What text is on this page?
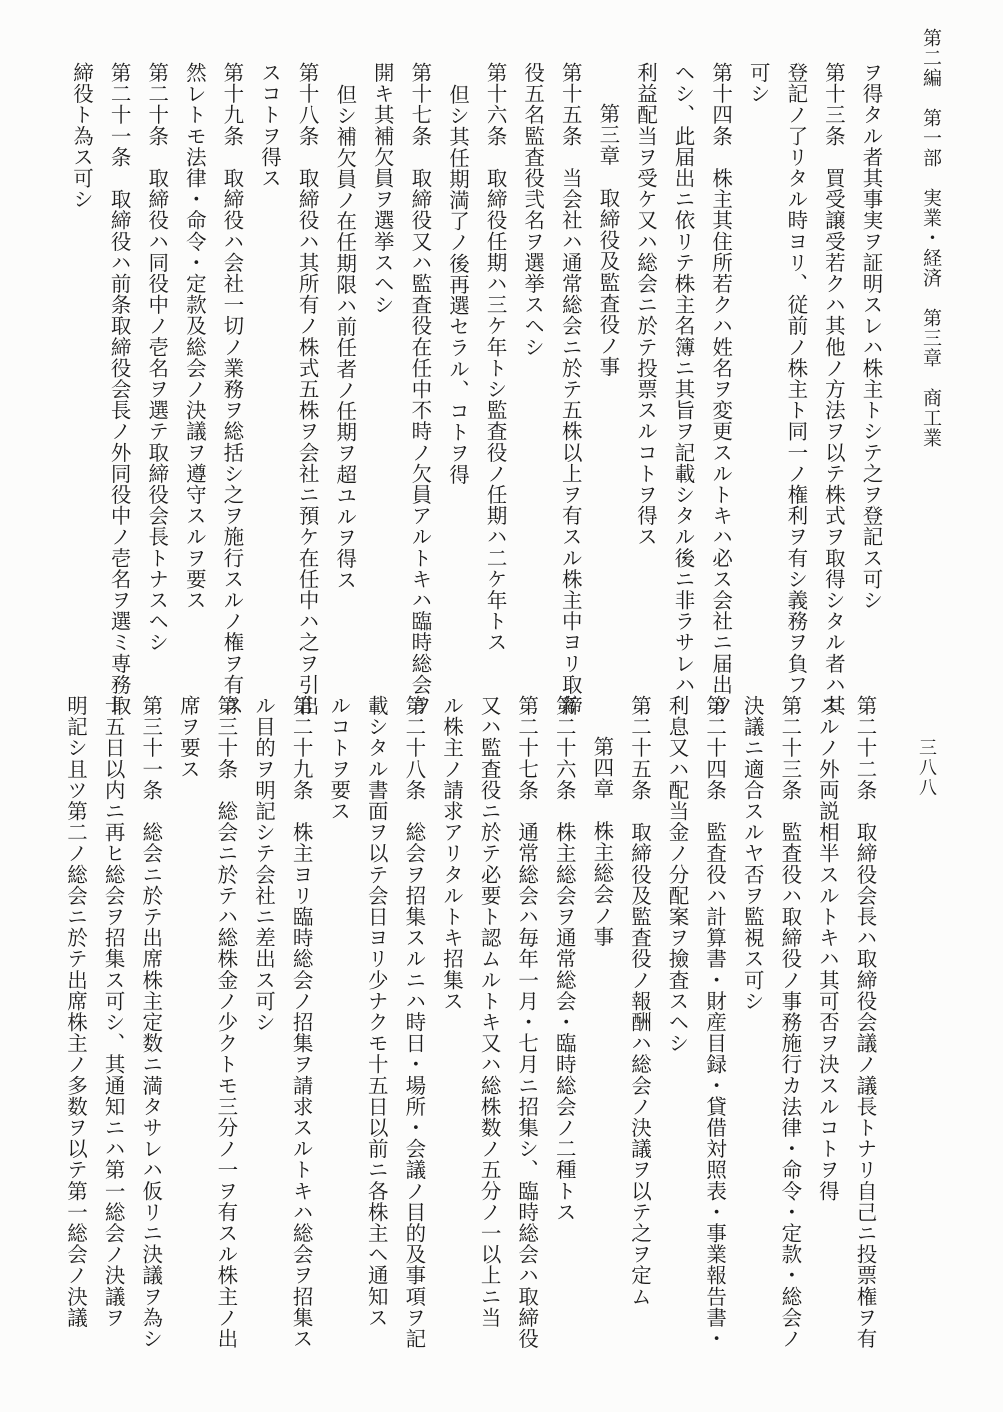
第二編　第一部　実業・経済　第三章　商工業
三八八
ヲ得タル者其事実ヲ証明スレハ株主トシテ之ヲ登記ス可シ
第十三条　買受譲受若クハ其他ノ方法ヲ以テ株式ヲ取得シタル者ハ其
登記ノ了リタル時ヨリ、従前ノ株主ト同一ノ権利ヲ有シ義務ヲ負フ
可シ
第十四条　株主其住所若クハ姓名ヲ変更スルトキハ必ス会社ニ届出ツ
ヘシ、此届出ニ依リテ株主名簿ニ其旨ヲ記載シタル後ニ非ラサレハ
利益配当ヲ受ケ又ハ総会ニ於テ投票スルコトヲ得ス
第三章　取締役及監査役ノ事
第十五条　当会社ハ通常総会ニ於テ五株以上ヲ有スル株主中ヨリ取締
役五名監査役弐名ヲ選挙スヘシ
第十六条　取締役任期ハ三ケ年トシ監査役ノ任期ハ二ケ年トス
但シ其任期満了ノ後再選セラル、コトヲ得
第十七条　取締役又ハ監査役在任中不時ノ欠員アルトキハ臨時総会ヲ
開キ其補欠員ヲ選挙スヘシ
但シ補欠員ノ在任期限ハ前任者ノ任期ヲ超ユルヲ得ス
第十八条　取締役ハ其所有ノ株式五株ヲ会社ニ預ケ在任中ハ之ヲ引出
スコトヲ得ス
第十九条　取締役ハ会社一切ノ業務ヲ総括シ之ヲ施行スルノ権ヲ有ス
然レトモ法律・命令・定款及総会ノ決議ヲ遵守スルヲ要ス
第二十条　取締役ハ同役中ノ壱名ヲ選テ取締役会長トナスヘシ
第二十一条　取締役ハ前条取締役会長ノ外同役中ノ壱名ヲ選ミ専務取
締役ト為ス可シ
第二十二条　取締役会長ハ取締役会議ノ議長トナリ自己ニ投票権ヲ有
スルノ外両説相半スルトキハ其可否ヲ決スルコトヲ得
第二十三条　監査役ハ取締役ノ事務施行カ法律・命令・定款・総会ノ
決議ニ適合スルヤ否ヲ監視ス可シ
第二十四条　監査役ハ計算書・財産目録・貸借対照表・事業報告書・
利息又ハ配当金ノ分配案ヲ撿査スヘシ
第二十五条　取締役及監査役ノ報酬ハ総会ノ決議ヲ以テ之ヲ定ム
第四章　株主総会ノ事
第二十六条　株主総会ヲ通常総会・臨時総会ノ二種トス
第二十七条　通常総会ハ毎年一月・七月ニ招集シ、臨時総会ハ取締役
又ハ監査役ニ於テ必要ト認ムルトキ又ハ総株数ノ五分ノ一以上ニ当
ル株主ノ請求アリタルトキ招集ス
第二十八条　総会ヲ招集スルニハ時日・場所・会議ノ目的及事項ヲ記
載シタル書面ヲ以テ会日ヨリ少ナクモ十五日以前ニ各株主ヘ通知ス
ルコトヲ要ス
第二十九条　株主ヨリ臨時総会ノ招集ヲ請求スルトキハ総会ヲ招集ス
ル目的ヲ明記シテ会社ニ差出ス可シ
第三十条　総会ニ於テハ総株金ノ少クトモ三分ノ一ヲ有スル株主ノ出
席ヲ要ス
第三十一条　総会ニ於テ出席株主定数ニ満タサレハ仮リニ決議ヲ為シ
十五日以内ニ再ヒ総会ヲ招集ス可シ、其通知ニハ第一総会ノ決議ヲ
明記シ且ツ第二ノ総会ニ於テ出席株主ノ多数ヲ以テ第一総会ノ決議
